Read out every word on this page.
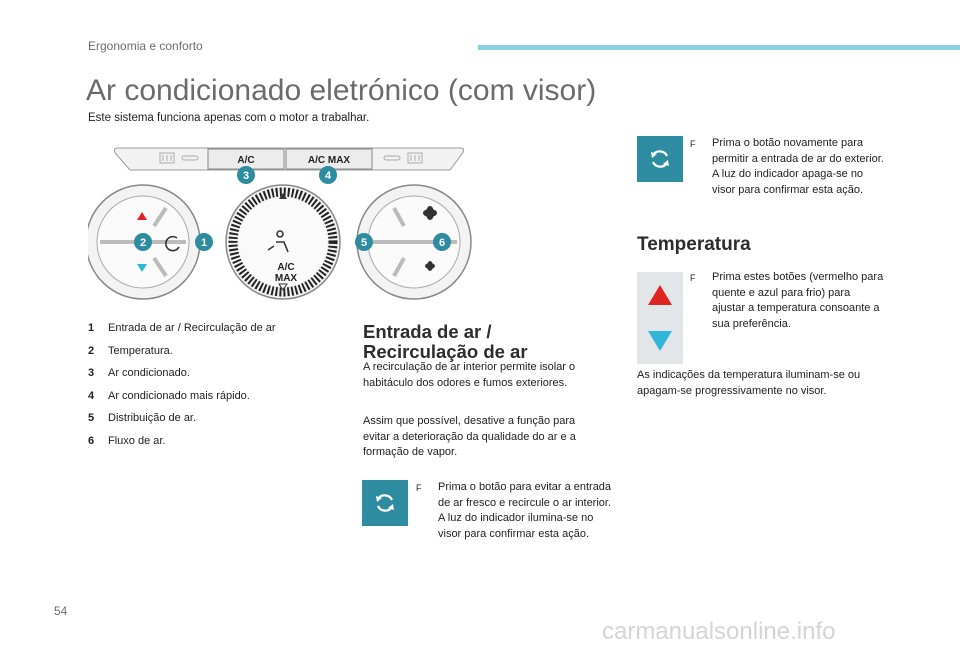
Ergonomia e conforto
Ar condicionado eletrónico (com visor)
Este sistema funciona apenas com o motor a trabalhar.
A/C	A/C MAX
A/C
MAX
1
2
3	4
5	6
1	Entrada de ar / Recirculação de ar
2	Temperatura.
3	Ar condicionado.
4	Ar condicionado mais rápido.
5	Distribuição de ar.
6	Fluxo de ar.
Entrada de ar / Recirculação de ar
A recirculação de ar interior permite isolar o habitáculo dos odores e fumos exteriores.
Assim que possível, desative a função para evitar a deterioração da qualidade do ar e a formação de vapor.
F	Prima o botão para evitar a entrada de ar fresco e recircule o ar interior. A luz do indicador ilumina-se no visor para confirmar esta ação.
F	Prima o botão novamente para permitir a entrada de ar do exterior. A luz do indicador apaga-se no visor para confirmar esta ação.
Temperatura
F	Prima estes botões (vermelho para quente e azul para frio) para ajustar a temperatura consoante a sua preferência.
As indicações da temperatura iluminam-se ou apagam-se progressivamente no visor.
54
carmanualsonline.info
